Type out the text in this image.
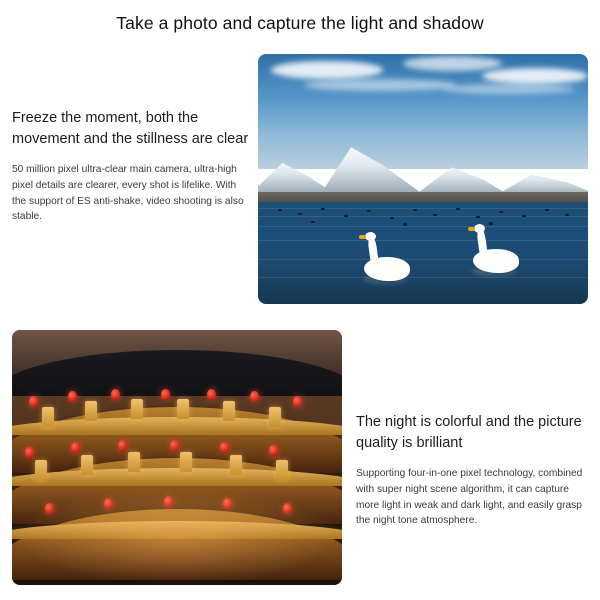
Take a photo and capture the light and shadow

Freeze the moment, both the movement and the stillness are clear

50 million pixel ultra-clear main camera, ultra-high pixel details are clearer, every shot is lifelike. With the support of ES anti-shake, video shooting is also stable.

The night is colorful and the picture quality is brilliant

Supporting four-in-one pixel technology, combined with super night scene algorithm, it can capture more light in weak and dark light, and easily grasp the night tone atmosphere.
